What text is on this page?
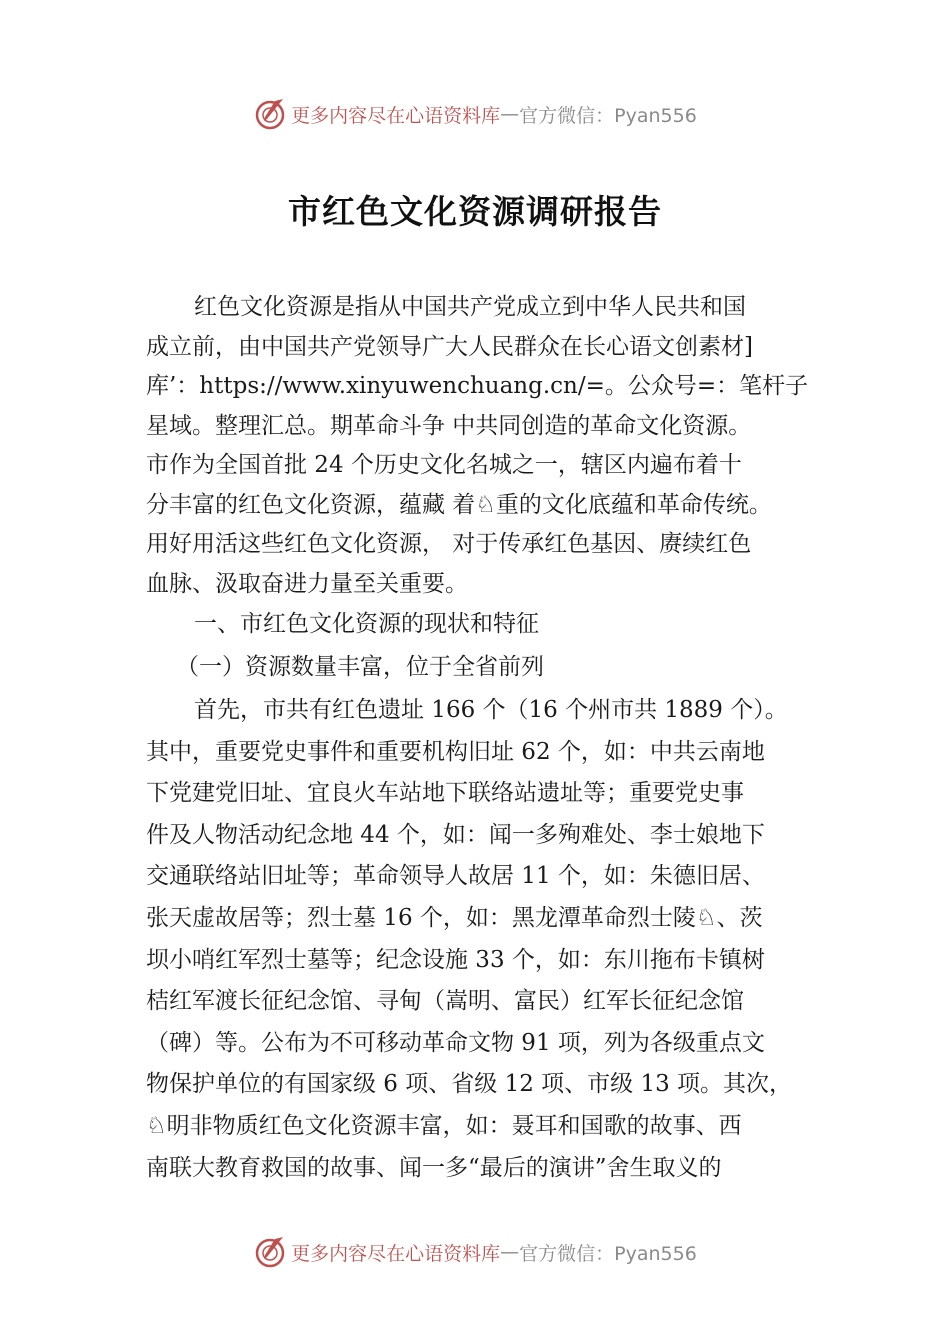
更多内容尽在心语资料库 — 官方微信：Pyan556
市红色文化资源调研报告
红色文化资源是指从中国共产党成立到中华人民共和国
成立前，由中国共产党领导广大人民群众在长心语文创素材]
库’：https://www.xinyuwenchuang.cn/=。公众号=：笔杆子
星域。整理汇总。期革命斗争 中共同创造的革命文化资源。
市作为全国首批 24 个历史文化名城之一，辖区内遍布着十
分丰富的红色文化资源，蕴藏 着♘重的文化底蕴和革命传统。
用好用活这些红色文化资源， 对于传承红色基因、赓续红色
血脉、汲取奋进力量至关重要。
一、市红色文化资源的现状和特征
（一）资源数量丰富，位于全省前列
首先，市共有红色遗址 166 个（16 个州市共 1889 个）。
其中，重要党史事件和重要机构旧址 62 个，如：中共云南地
下党建党旧址、宜良火车站地下联络站遗址等；重要党史事
件及人物活动纪念地 44 个，如：闻一多殉难处、李士娘地下
交通联络站旧址等；革命领导人故居 11 个，如：朱德旧居、
张天虚故居等；烈士墓 16 个，如：黑龙潭革命烈士陵♘、茨
坝小哨红军烈士墓等；纪念设施 33 个，如：东川拖布卡镇树
桔红军渡长征纪念馆、寻甸（嵩明、富民）红军长征纪念馆
（碑）等。公布为不可移动革命文物 91 项，列为各级重点文
物保护单位的有国家级 6 项、省级 12 项、市级 13 项。其次，
♘明非物质红色文化资源丰富，如：聂耳和国歌的故事、西
南联大教育救国的故事、闻一多“最后的演讲”舍生取义的
更多内容尽在心语资料库 — 官方微信：Pyan556
